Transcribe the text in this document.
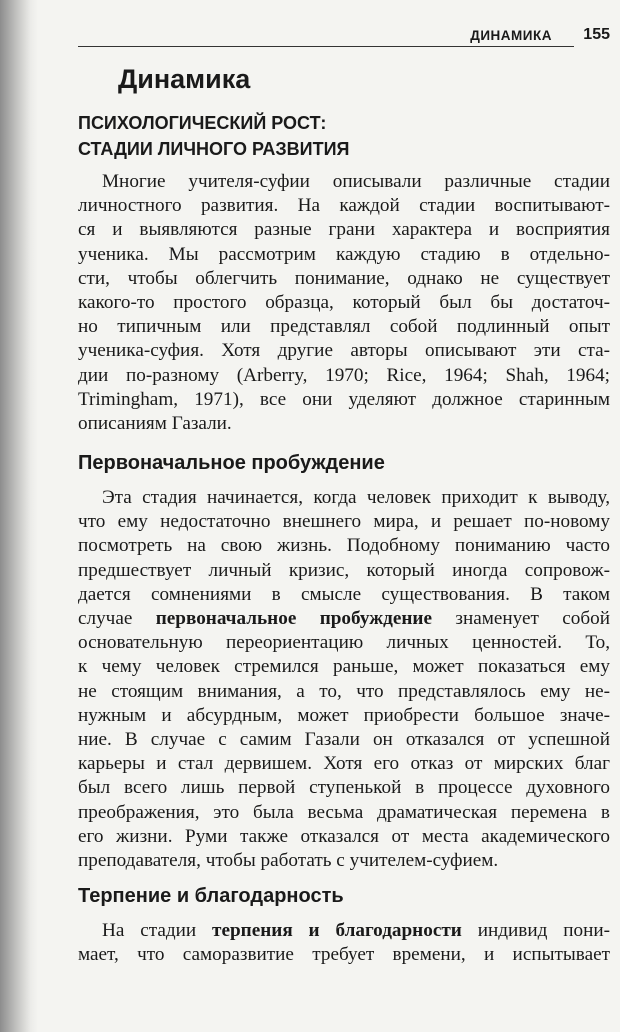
ДИНАМИКА 155
Динамика
ПСИХОЛОГИЧЕСКИЙ РОСТ:
СТАДИИ ЛИЧНОГО РАЗВИТИЯ
Многие учителя-суфии описывали различные стадии
личностного развития. На каждой стадии воспитывают-
ся и выявляются разные грани характера и восприятия
ученика. Мы рассмотрим каждую стадию в отдельно-
сти, чтобы облегчить понимание, однако не существует
какого-то простого образца, который был бы достаточ-
но типичным или представлял собой подлинный опыт
ученика-суфия. Хотя другие авторы описывают эти ста-
дии по-разному (Arberry, 1970; Rice, 1964; Shah, 1964;
Trimingham, 1971), все они уделяют должное старинным
описаниям Газали.
Первоначальное пробуждение
Эта стадия начинается, когда человек приходит к выводу,
что ему недостаточно внешнего мира, и решает по-новому
посмотреть на свою жизнь. Подобному пониманию часто
предшествует личный кризис, который иногда сопровож-
дается сомнениями в смысле существования. В таком
случае первоначальное пробуждение знаменует собой
основательную переориентацию личных ценностей. То,
к чему человек стремился раньше, может показаться ему
не стоящим внимания, а то, что представлялось ему не-
нужным и абсурдным, может приобрести большое значе-
ние. В случае с самим Газали он отказался от успешной
карьеры и стал дервишем. Хотя его отказ от мирских благ
был всего лишь первой ступенькой в процессе духовного
преображения, это была весьма драматическая перемена в
его жизни. Руми также отказался от места академического
преподавателя, чтобы работать с учителем-суфием.
Терпение и благодарность
На стадии терпения и благодарности индивид пони-
мает, что саморазвитие требует времени, и испытывает
